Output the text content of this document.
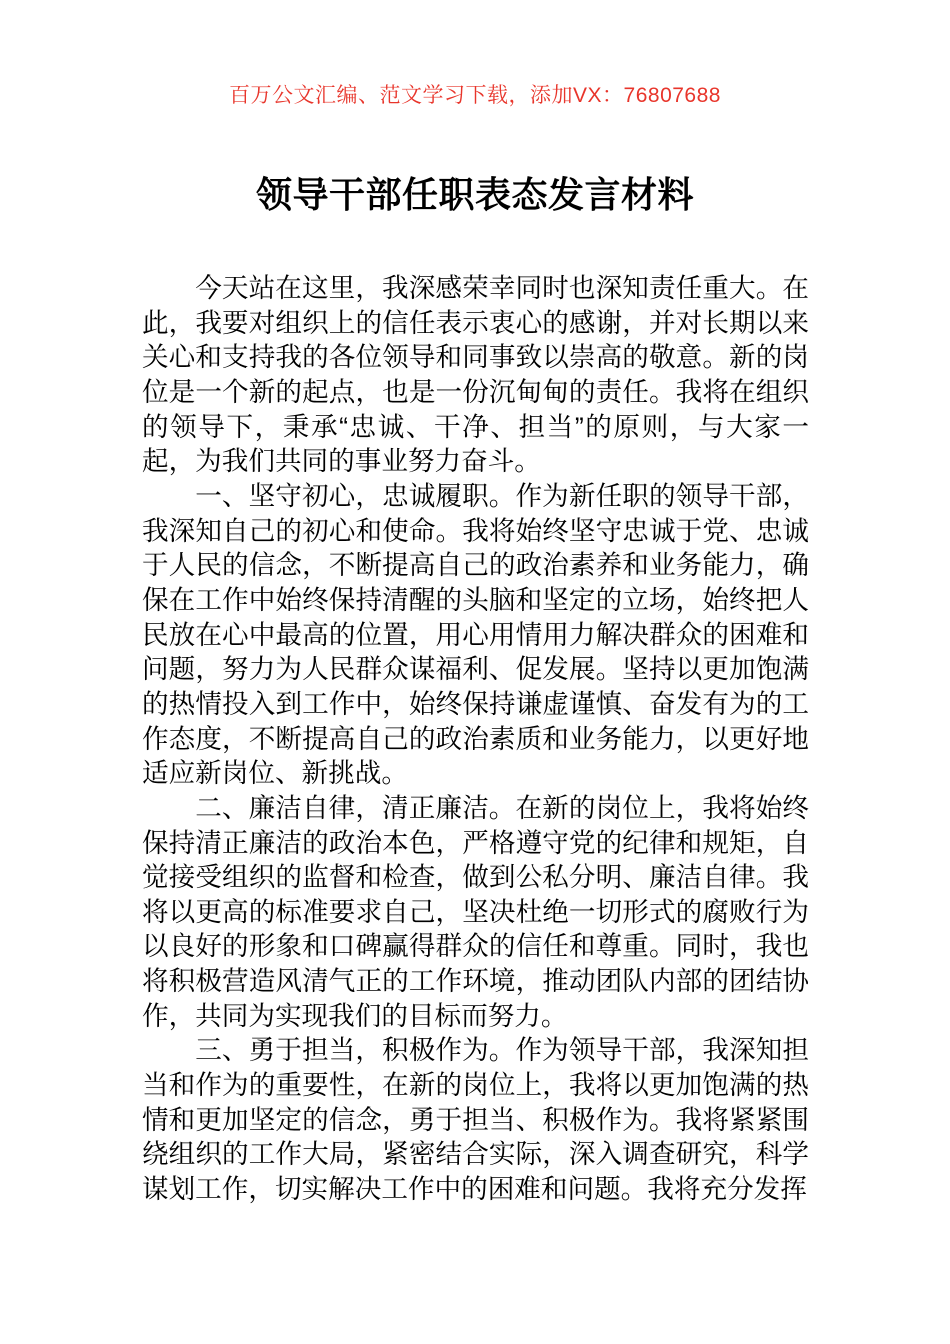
百万公文汇编、范文学习下载，添加VX：76807688
领导干部任职表态发言材料

今天站在这里，我深感荣幸同时也深知责任重大。在此，我要对组织上的信任表示衷心的感谢，并对长期以来关心和支持我的各位领导和同事致以崇高的敬意。新的岗位是一个新的起点，也是一份沉甸甸的责任。我将在组织的领导下，秉承“忠诚、干净、担当”的原则，与大家一起，为我们共同的事业努力奋斗。

一、坚守初心，忠诚履职。作为新任职的领导干部，我深知自己的初心和使命。我将始终坚守忠诚于党、忠诚于人民的信念，不断提高自己的政治素养和业务能力，确保在工作中始终保持清醒的头脑和坚定的立场，始终把人民放在心中最高的位置，用心用情用力解决群众的困难和问题，努力为人民群众谋福利、促发展。坚持以更加饱满的热情投入到工作中，始终保持谦虚谨慎、奋发有为的工作态度，不断提高自己的政治素质和业务能力，以更好地适应新岗位、新挑战。

二、廉洁自律，清正廉洁。在新的岗位上，我将始终保持清正廉洁的政治本色，严格遵守党的纪律和规矩，自觉接受组织的监督和检查，做到公私分明、廉洁自律。我将以更高的标准要求自己，坚决杜绝一切形式的腐败行为以良好的形象和口碑赢得群众的信任和尊重。同时，我也将积极营造风清气正的工作环境，推动团队内部的团结协作，共同为实现我们的目标而努力。

三、勇于担当，积极作为。作为领导干部，我深知担当和作为的重要性，在新的岗位上，我将以更加饱满的热情和更加坚定的信念，勇于担当、积极作为。我将紧紧围绕组织的工作大局，紧密结合实际，深入调查研究，科学谋划工作，切实解决工作中的困难和问题。我将充分发挥
